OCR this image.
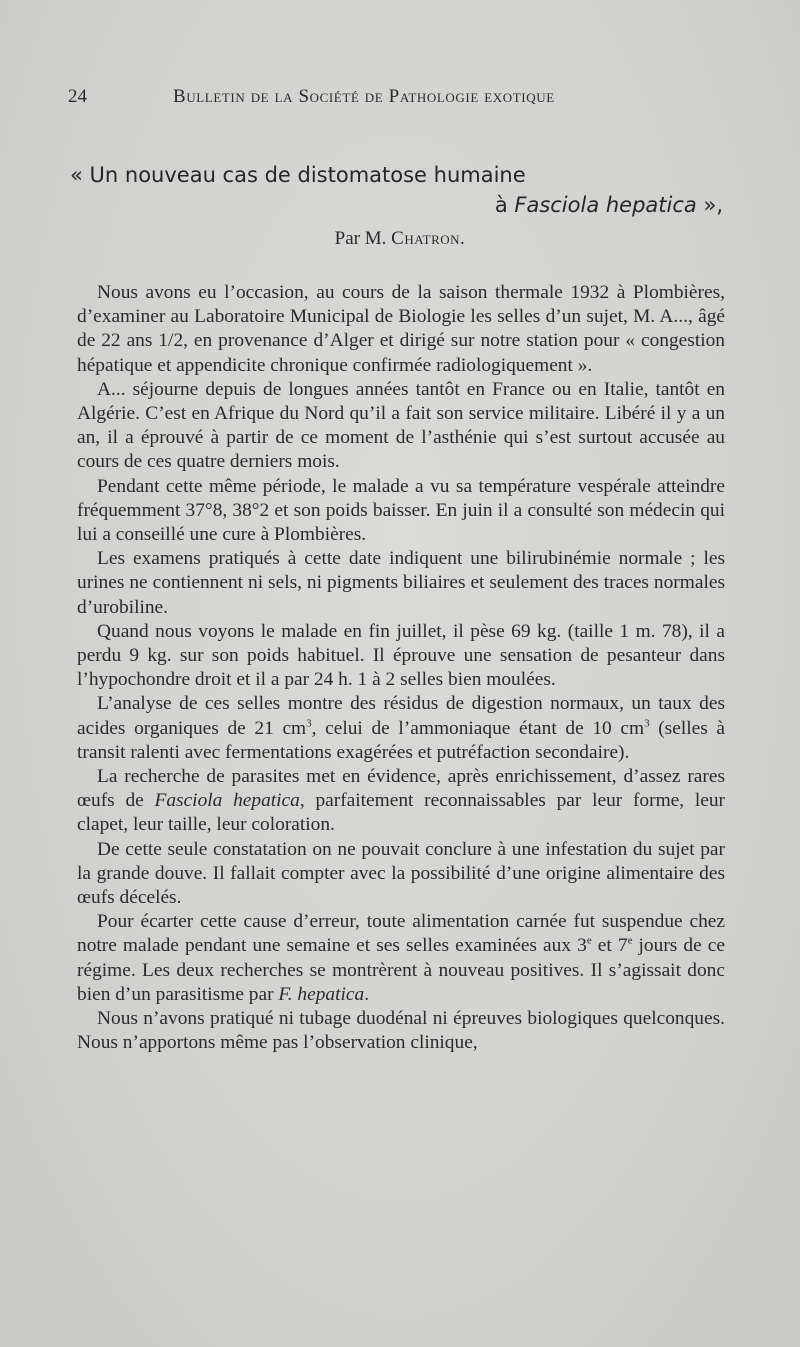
24	Bulletin de la Société de Pathologie exotique
« Un nouveau cas de distomatose humaine
à Fasciola hepatica »,
Par M. Chatron.

Nous avons eu l’occasion, au cours de la saison thermale 1932 à Plombières, d’examiner au Laboratoire Municipal de Biologie les selles d’un sujet, M. A..., âgé de 22 ans 1/2, en provenance d’Alger et dirigé sur notre station pour « congestion hépatique et appendicite chronique confirmée radiologiquement ».

A... séjourne depuis de longues années tantôt en France ou en Italie, tantôt en Algérie. C’est en Afrique du Nord qu’il a fait son service militaire. Libéré il y a un an, il a éprouvé à partir de ce moment de l’asthénie qui s’est surtout accusée au cours de ces quatre derniers mois.

Pendant cette même période, le malade a vu sa température vespérale atteindre fréquemment 37°8, 38°2 et son poids baisser. En juin il a consulté son médecin qui lui a conseillé une cure à Plombières.

Les examens pratiqués à cette date indiquent une bilirubinémie normale ; les urines ne contiennent ni sels, ni pigments biliaires et seulement des traces normales d’urobiline.

Quand nous voyons le malade en fin juillet, il pèse 69 kg. (taille 1 m. 78), il a perdu 9 kg. sur son poids habituel. Il éprouve une sensation de pesanteur dans l’hypochondre droit et il a par 24 h. 1 à 2 selles bien moulées.

L’analyse de ces selles montre des résidus de digestion normaux, un taux des acides organiques de 21 $cm^3$, celui de l’ammoniaque étant de 10 $cm^3$ (selles à transit ralenti avec fermentations exagérées et putréfaction secondaire).

La recherche de parasites met en évidence, après enrichissement, d’assez rares œufs de Fasciola hepatica, parfaitement reconnaissables par leur forme, leur clapet, leur taille, leur coloration.

De cette seule constatation on ne pouvait conclure à une infestation du sujet par la grande douve. Il fallait compter avec la possibilité d’une origine alimentaire des œufs décelés.

Pour écarter cette cause d’erreur, toute alimentation carnée fut suspendue chez notre malade pendant une semaine et ses selles examinées aux 3e et 7e jours de ce régime. Les deux recherches se montrèrent à nouveau positives. Il s’agissait donc bien d’un parasitisme par F. hepatica.

Nous n’avons pratiqué ni tubage duodénal ni épreuves biologiques quelconques. Nous n’apportons même pas l’observation clinique,
